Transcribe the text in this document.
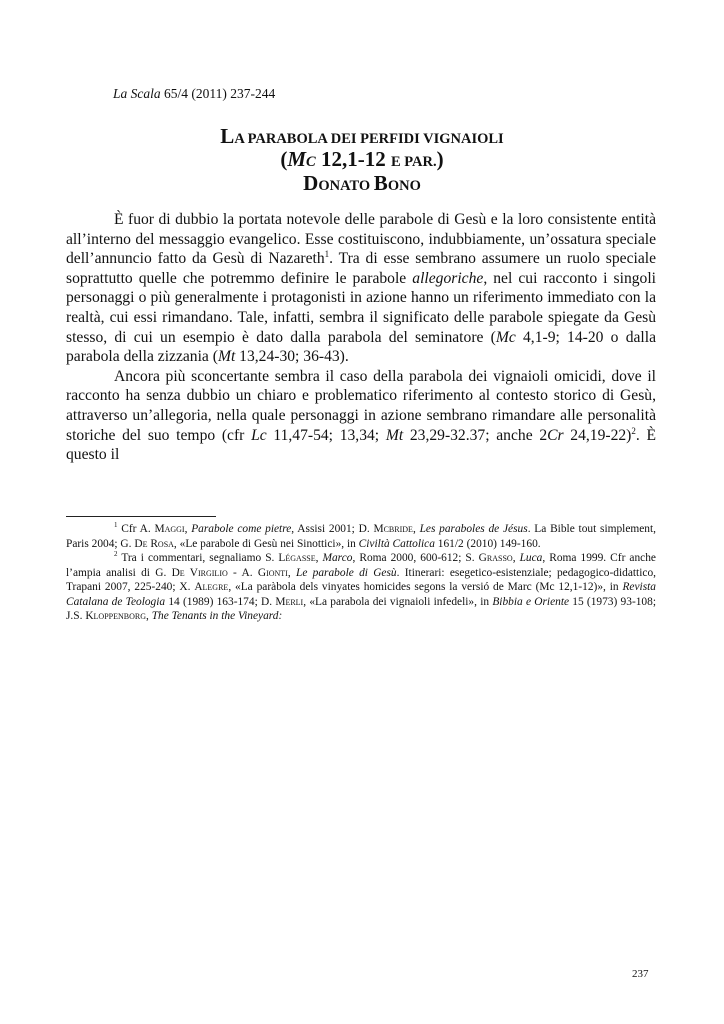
La Scala 65/4 (2011) 237-244
LA PARABOLA DEI PERFIDI VIGNAIOLI
(MC 12,1-12 E PAR.)
DONATO BONO

È fuor di dubbio la portata notevole delle parabole di Gesù e la loro consistente entità all’interno del messaggio evangelico. Esse costituiscono, indubbiamente, un’ossatura speciale dell’annuncio fatto da Gesù di Nazareth$^1$. Tra di esse sembrano assumere un ruolo speciale soprattutto quelle che potremmo definire le parabole allegoriche, nel cui racconto i singoli personaggi o più generalmente i protagonisti in azione hanno un riferimento immediato con la realtà, cui essi rimandano. Tale, infatti, sembra il significato delle parabole spiegate da Gesù stesso, di cui un esempio è dato dalla parabola del seminatore (Mc 4,1-9; 14-20 o dalla parabola della zizzania (Mt 13,24-30; 36-43).

Ancora più sconcertante sembra il caso della parabola dei vignaioli omicidi, dove il racconto ha senza dubbio un chiaro e problematico riferimento al contesto storico di Gesù, attraverso un’allegoria, nella quale personaggi in azione sembrano rimandare alle personalità storiche del suo tempo (cfr Lc 11,47-54; 13,34; Mt 23,29-32.37; anche 2Cr 24,19-22)$^2$. È questo il

$^1$ Cfr A. Maggi, Parabole come pietre, Assisi 2001; D. Mcbride, Les paraboles de Jésus. La Bible tout simplement, Paris 2004; G. De Rosa, «Le parabole di Gesù nei Sinottici», in Civiltà Cattolica 161/2 (2010) 149-160.

$^2$ Tra i commentari, segnaliamo S. Légasse, Marco, Roma 2000, 600-612; S. Grasso, Luca, Roma 1999. Cfr anche l’ampia analisi di G. De Virgilio - A. Gionti, Le parabole di Gesù. Itinerari: esegetico-esistenziale; pedagogico-didattico, Trapani 2007, 225-240; X. Alegre, «La paràbola dels vinyates homicides segons la versió de Marc (Mc 12,1-12)», in Revista Catalana de Teologia 14 (1989) 163-174; D. Merli, «La parabola dei vignaioli infedeli», in Bibbia e Oriente 15 (1973) 93-108; J.S. Kloppenborg, The Tenants in the Vineyard:

237
